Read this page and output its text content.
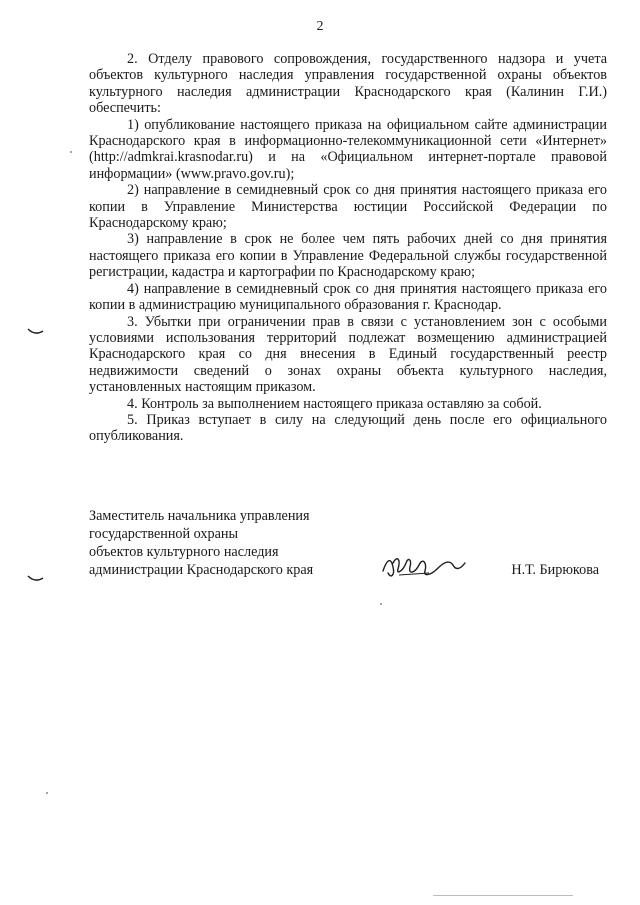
2

2. Отделу правового сопровождения, государственного надзора и учета объектов культурного наследия управления государственной охраны объектов культурного наследия администрации Краснодарского края (Калинин Г.И.) обеспечить:

1) опубликование настоящего приказа на официальном сайте администрации Краснодарского края в информационно-телекоммуникационной сети «Интернет» (http://admkrai.krasnodar.ru) и на «Официальном интернет-портале правовой информации» (www.pravo.gov.ru);

2) направление в семидневный срок со дня принятия настоящего приказа его копии в Управление Министерства юстиции Российской Федерации по Краснодарскому краю;

3) направление в срок не более чем пять рабочих дней со дня принятия настоящего приказа его копии в Управление Федеральной службы государственной регистрации, кадастра и картографии по Краснодарскому краю;

4) направление в семидневный срок со дня принятия настоящего приказа его копии в администрацию муниципального образования г. Краснодар.

3. Убытки при ограничении прав в связи с установлением зон с особыми условиями использования территорий подлежат возмещению администрацией Краснодарского края со дня внесения в Единый государственный реестр недвижимости сведений о зонах охраны объекта культурного наследия, установленных настоящим приказом.

4. Контроль за выполнением настоящего приказа оставляю за собой.

5. Приказ вступает в силу на следующий день после его официального опубликования.

Заместитель начальника управления
государственной охраны
объектов культурного наследия
администрации Краснодарского края	Н.Т. Бирюкова
